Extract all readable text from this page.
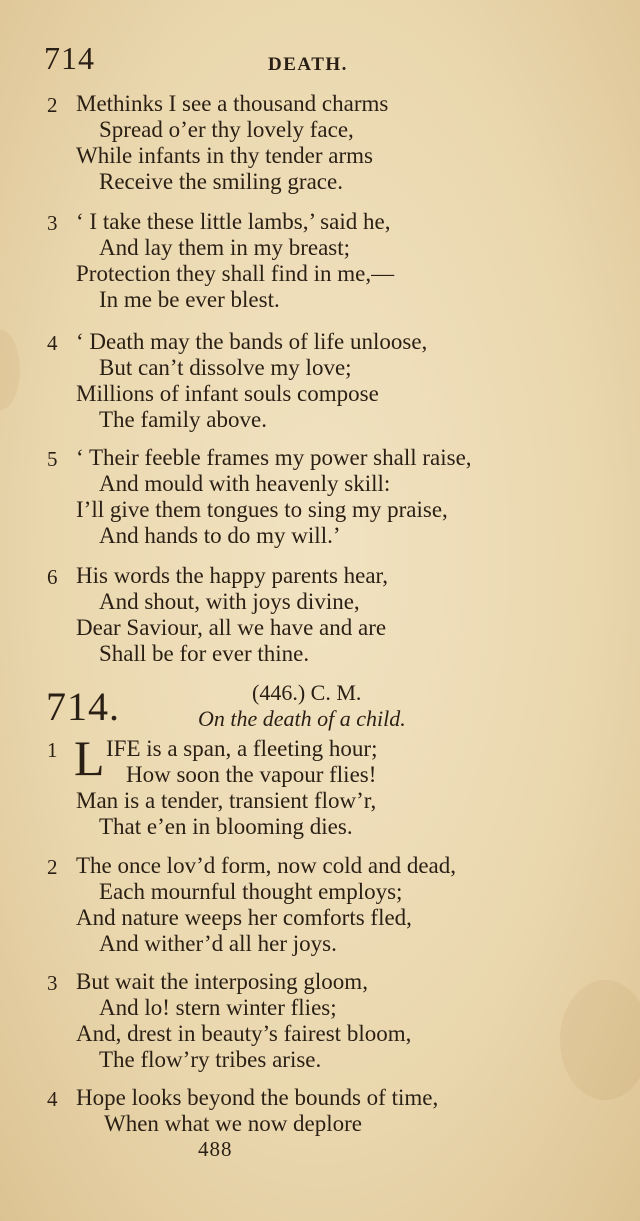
714	DEATH.
2 Methinks I see a thousand charms
Spread o’er thy lovely face,
While infants in thy tender arms
Receive the smiling grace.
3 ‘ I take these little lambs,’ said he,
And lay them in my breast;
Protection they shall find in me,—
In me be ever blest.
4 ‘ Death may the bands of life unloose,
But can’t dissolve my love;
Millions of infant souls compose
The family above.
5 ‘ Their feeble frames my power shall raise,
And mould with heavenly skill:
I’ll give them tongues to sing my praise,
And hands to do my will.’
6 His words the happy parents hear,
And shout, with joys divine,
Dear Saviour, all we have and are
Shall be for ever thine.
714.	(446.) C. M.
On the death of a child.
1 IFE is a span, a fleeting hour;
How soon the vapour flies!
Man is a tender, transient flow’r,
That e’en in blooming dies.
L
2 The once lov’d form, now cold and dead,
Each mournful thought employs;
And nature weeps her comforts fled,
And wither’d all her joys.
3 But wait the interposing gloom,
And lo! stern winter flies;
And, drest in beauty’s fairest bloom,
The flow’ry tribes arise.
4 Hope looks beyond the bounds of time,
When what we now deplore
488
